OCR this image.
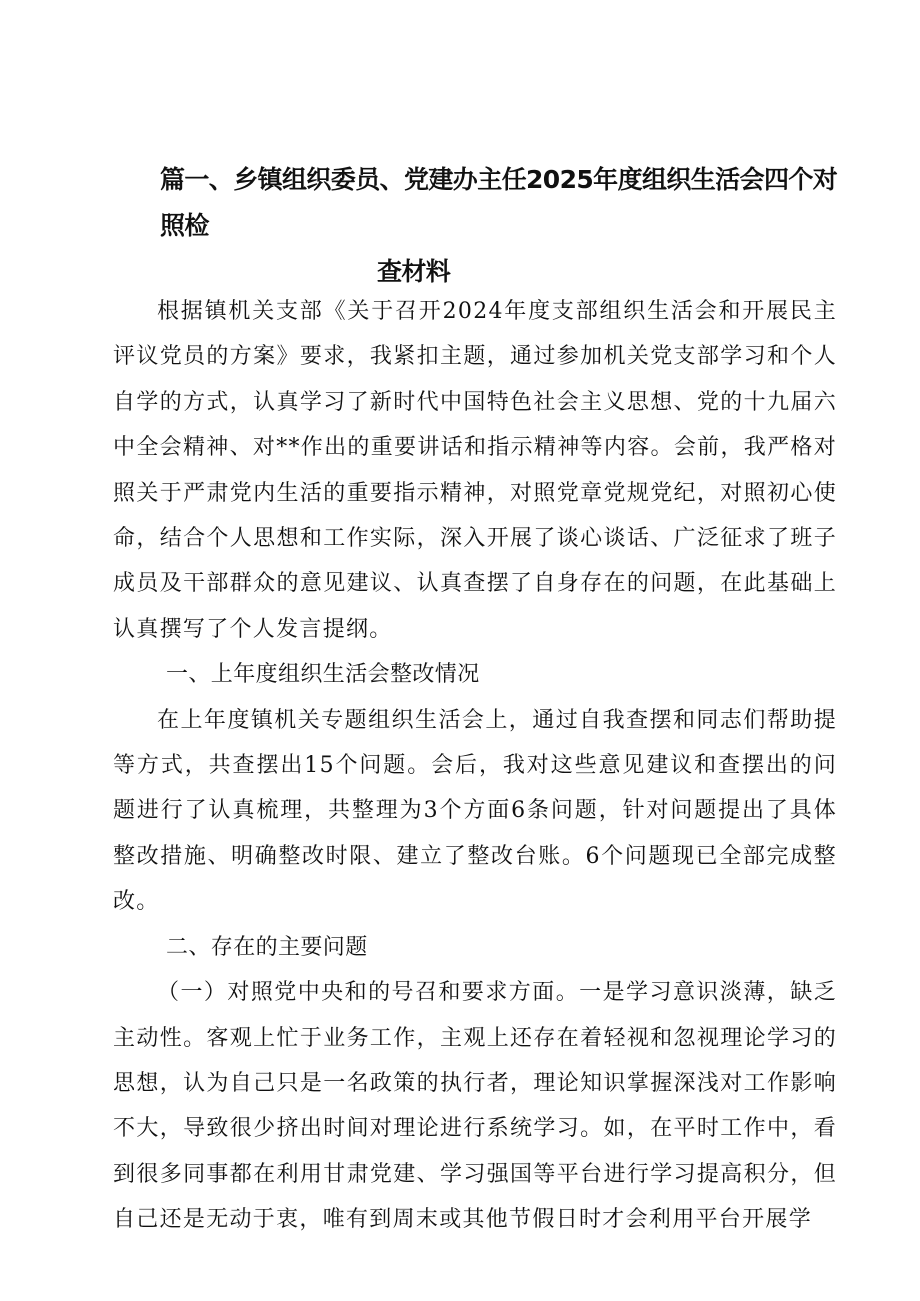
篇一、乡镇组织委员、党建办主任2025年度组织生活会四个对照检
查材料

根据镇机关支部《关于召开2024年度支部组织生活会和开展民主评议党员的方案》要求，我紧扣主题，通过参加机关党支部学习和个人自学的方式，认真学习了新时代中国特色社会主义思想、党的十九届六中全会精神、对**作出的重要讲话和指示精神等内容。会前，我严格对照关于严肃党内生活的重要指示精神，对照党章党规党纪，对照初心使命，结合个人思想和工作实际，深入开展了谈心谈话、广泛征求了班子成员及干部群众的意见建议、认真查摆了自身存在的问题，在此基础上认真撰写了个人发言提纲。

一、上年度组织生活会整改情况

在上年度镇机关专题组织生活会上，通过自我查摆和同志们帮助提等方式，共查摆出15个问题。会后，我对这些意见建议和查摆出的问题进行了认真梳理，共整理为3个方面6条问题，针对问题提出了具体整改措施、明确整改时限、建立了整改台账。6个问题现已全部完成整改。

二、存在的主要问题

（一）对照党中央和的号召和要求方面。一是学习意识淡薄，缺乏主动性。客观上忙于业务工作，主观上还存在着轻视和忽视理论学习的思想，认为自己只是一名政策的执行者，理论知识掌握深浅对工作影响不大，导致很少挤出时间对理论进行系统学习。如，在平时工作中，看到很多同事都在利用甘肃党建、学习强国等平台进行学习提高积分，但自己还是无动于衷，唯有到周末或其他节假日时才会利用平台开展学
